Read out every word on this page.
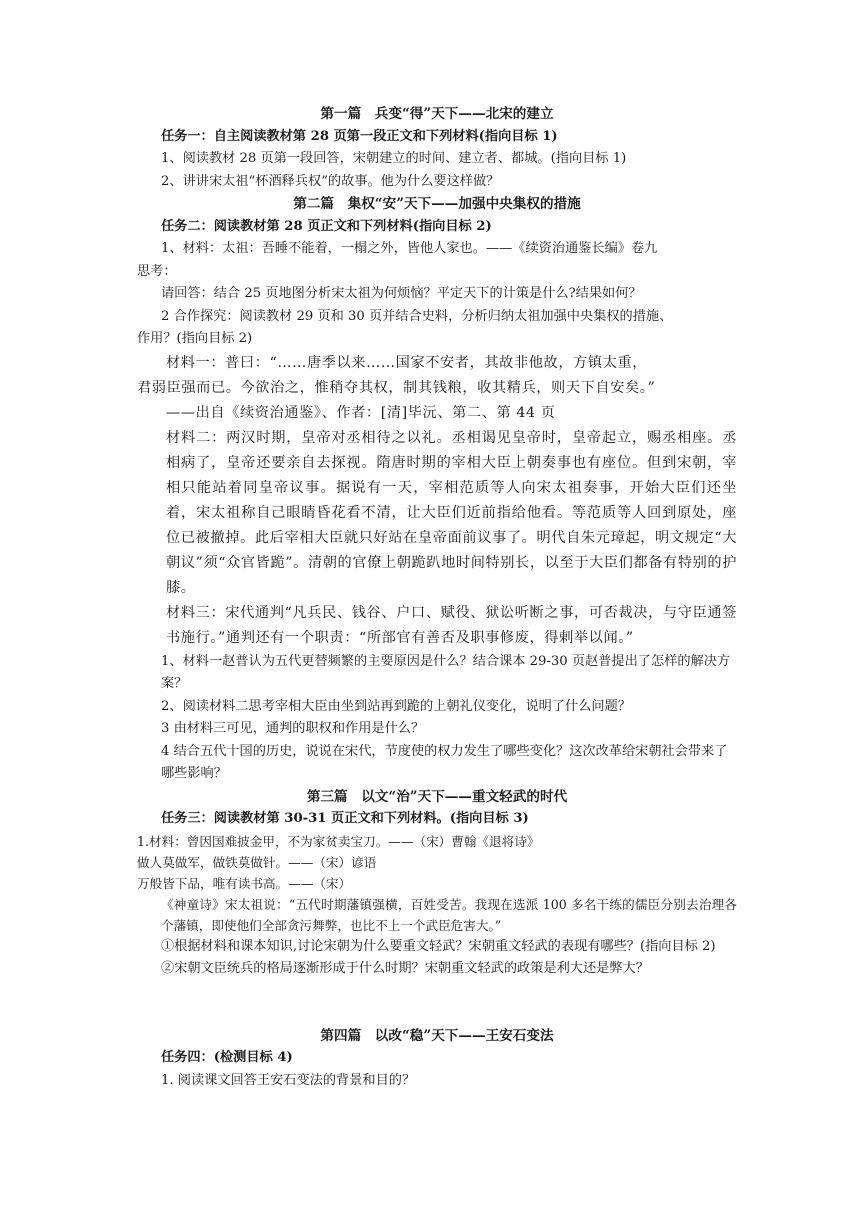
第一篇　兵变“得”天下——北宋的建立

任务一：自主阅读教材第 28 页第一段正文和下列材料(指向目标 1)

1、阅读教材 28 页第一段回答，宋朝建立的时间、建立者、都城。(指向目标 1)

2、讲讲宋太祖“杯酒释兵权”的故事。他为什么要这样做？

第二篇　集权“安”天下——加强中央集权的措施

任务二：阅读教材第 28 页正文和下列材料(指向目标 2)

1、材料：太祖：吾睡不能着，一榻之外，皆他人家也。——《续资治通鉴长编》卷九

思考：

请回答：结合 25 页地图分析宋太祖为何烦恼？平定天下的计策是什么?结果如何？

2 合作探究：阅读教材 29 页和 30 页并结合史料，分析归纳太祖加强中央集权的措施、

作用？(指向目标 2)

材料一：普曰：“……唐季以来……国家不安者，其故非他故，方镇太重，

君弱臣强而已。今欲治之，惟稍夺其权，制其钱粮，收其精兵，则天下自安矣。”

——出自《续资治通鉴》、作者：[清]毕沅、第二、第 44 页

材料二：两汉时期，皇帝对丞相待之以礼。丞相谒见皇帝时，皇帝起立，赐丞相座。丞相病了，皇帝还要亲自去探视。隋唐时期的宰相大臣上朝奏事也有座位。但到宋朝，宰相只能站着同皇帝议事。据说有一天，宰相范质等人向宋太祖奏事，开始大臣们还坐着，宋太祖称自己眼睛昏花看不清，让大臣们近前指给他看。等范质等人回到原处，座位已被撤掉。此后宰相大臣就只好站在皇帝面前议事了。明代自朱元璋起，明文规定“大朝议”须“众官皆跪”。清朝的官僚上朝跪趴地时间特别长，以至于大臣们都备有特别的护膝。

材料三：宋代通判“凡兵民、钱谷、户口、赋役、狱讼听断之事，可否裁决，与守臣通签书施行。”通判还有一个职责：“所部官有善否及职事修废，得剌举以闻。”

1、材料一赵普认为五代更替频繁的主要原因是什么？结合课本 29-30 页赵普提出了怎样的解决方案？

2、阅读材料二思考宰相大臣由坐到站再到跪的上朝礼仪变化，说明了什么问题？

3 由材料三可见，通判的职权和作用是什么？

4 结合五代十国的历史，说说在宋代，节度使的权力发生了哪些变化？这次改革给宋朝社会带来了哪些影响？

第三篇　以文“治”天下——重文轻武的时代

任务三：阅读教材第 30-31 页正文和下列材料。(指向目标 3)

1.材料：曾因国难披金甲，不为家贫卖宝刀。——（宋）曹翰《退将诗》

做人莫做军，做铁莫做针。——（宋）谚语

万般皆下品，唯有读书高。——（宋）

《神童诗》宋太祖说：“五代时期藩镇强横，百姓受苦。我现在选派 100 多名干练的儒臣分别去治理各个藩镇，即使他们全部贪污舞弊，也比不上一个武臣危害大。”

①根据材料和课本知识,讨论宋朝为什么要重文轻武？宋朝重文轻武的表现有哪些？(指向目标 2)

②宋朝文臣统兵的格局逐渐形成于什么时期？宋朝重文轻武的政策是利大还是弊大？

第四篇　以改“稳”天下——王安石变法

任务四：(检测目标 4)

1. 阅读课文回答王安石变法的背景和目的？
